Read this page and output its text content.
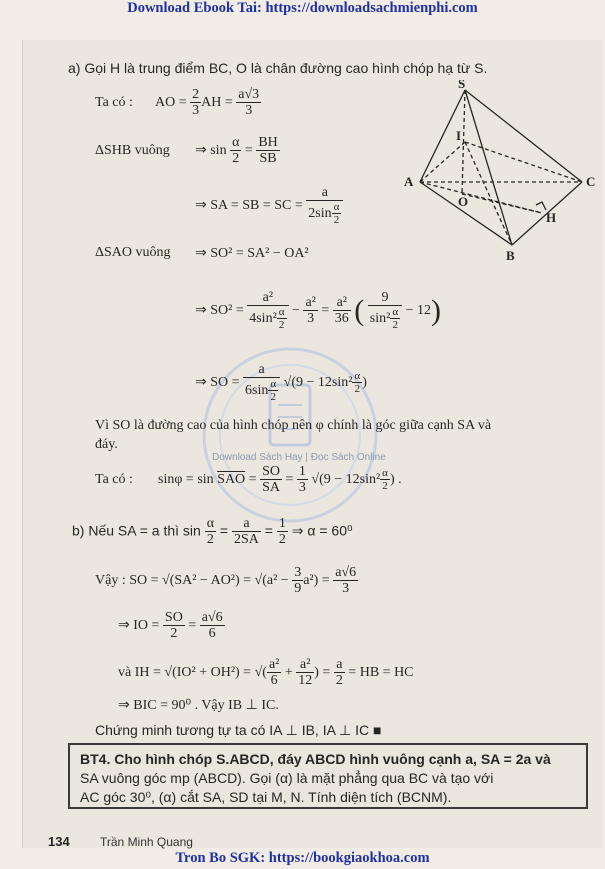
Download Ebook Tai: https://downloadsachmienphi.com
Download Sách Hay | Đọc Sách Online
a) Gọi H là trung điểm BC, O là chân đường cao hình chóp hạ từ S.
Ta có : AO = $\frac{2}{3}$ AH = $\frac{a√3}{3}$
ΔSHB vuông ⇒ $\sin \frac{\alpha}{2} = \frac{BH}{SB}$
⇒ SA = SB = SC = $\frac{a}{2\sin \frac{\alpha}{2}}$
ΔSAO vuông ⇒ SO² = SA² − OA²
⇒ $SO^2 = \frac{\text{a²}}{4\sin^2 \frac{\alpha}{2}} - \frac{\text{a²}}{3} = \frac{\text{a²}}{36}$ ( $\frac{9}{\sin^2 \frac{\alpha}{2}} - 12$)
⇒ SO = $\frac{a}{6\sin \frac{\alpha}{2}} √(9 - 12\sin^2 \frac{\alpha}{2}$ )
Vì SO là đường cao của hình chóp nên φ chính là góc giữa cạnh SA và
đáy.
Ta có : $\sin\varphi = \sin \overline{SAO} = \frac{SO}{SA} = \frac{1}{3} √(9 - 12\sin^2 \frac{\alpha}{2}$ ) .
b) Nếu SA = a thì $\sin \frac{\alpha}{2} = \frac{a}{2SA} = \frac{1}{2}$ ⇒ α = 60⁰
Vậy : SO = $√(SA^2 - AO^2) = √(a^2 - \frac{3}{9} a^2) = \frac{a√6}{3}$
⇒ IO = $\frac{SO}{2} = \frac{a√6}{6}$
và IH = √(IO² + OH²) = √( $\frac{\text{a²}}{6} + \frac{\text{a²}}{12}$ ) = $\frac{a}{2}$ = HB = HC
⇒ BIC = 90⁰ . Vậy IB ⊥ IC.
Chứng minh tương tự ta có IA ⊥ IB, IA ⊥ IC ■
BT4. Cho hình chóp S.ABCD, đáy ABCD hình vuông cạnh a, SA = 2a và
SA vuông góc mp (ABCD). Gọi (α) là mặt phẳng qua BC và tạo với
AC góc 30⁰, (α) cắt SA, SD tại M, N. Tính diện tích (BCNM).
134	Trần Minh Quang
Tron Bo SGK: https://bookgiaokhoa.com
S
A
B
C
H
O
I
